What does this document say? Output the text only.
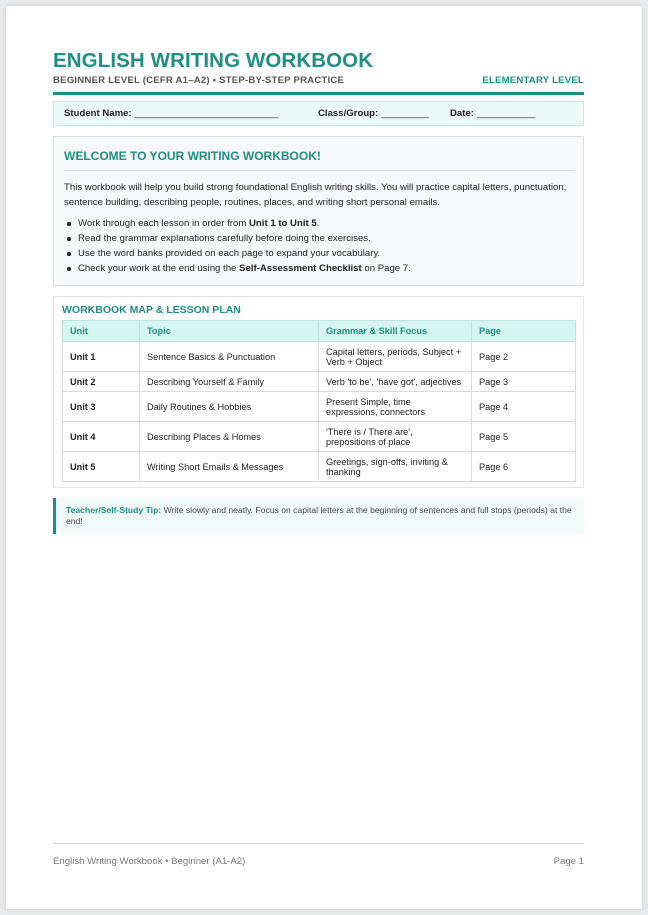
ENGLISH WRITING WORKBOOK
BEGINNER LEVEL (CEFR A1–A2) • STEP-BY-STEP PRACTICE	ELEMENTARY LEVEL
Student Name: ___________________________	Class/Group: _________	Date: ___________
WELCOME TO YOUR WRITING WORKBOOK!
This workbook will help you build strong foundational English writing skills. You will practice capital letters, punctuation, sentence building, describing people, routines, places, and writing short personal emails.
Work through each lesson in order from Unit 1 to Unit 5.
Read the grammar explanations carefully before doing the exercises.
Use the word banks provided on each page to expand your vocabulary.
Check your work at the end using the Self-Assessment Checklist on Page 7.
WORKBOOK MAP & LESSON PLAN
Unit	Topic	Grammar & Skill Focus	Page
Unit 1	Sentence Basics & Punctuation	Capital letters, periods, Subject + Verb + Object	Page 2
Unit 2	Describing Yourself & Family	Verb 'to be', 'have got', adjectives	Page 3
Unit 3	Daily Routines & Hobbies	Present Simple, time expressions, connectors	Page 4
Unit 4	Describing Places & Homes	'There is / There are', prepositions of place	Page 5
Unit 5	Writing Short Emails & Messages	Greetings, sign-offs, inviting & thanking	Page 6
Teacher/Self-Study Tip: Write slowly and neatly. Focus on capital letters at the beginning of sentences and full stops (periods) at the end!
English Writing Workbook • Beginner (A1-A2)	Page 1
